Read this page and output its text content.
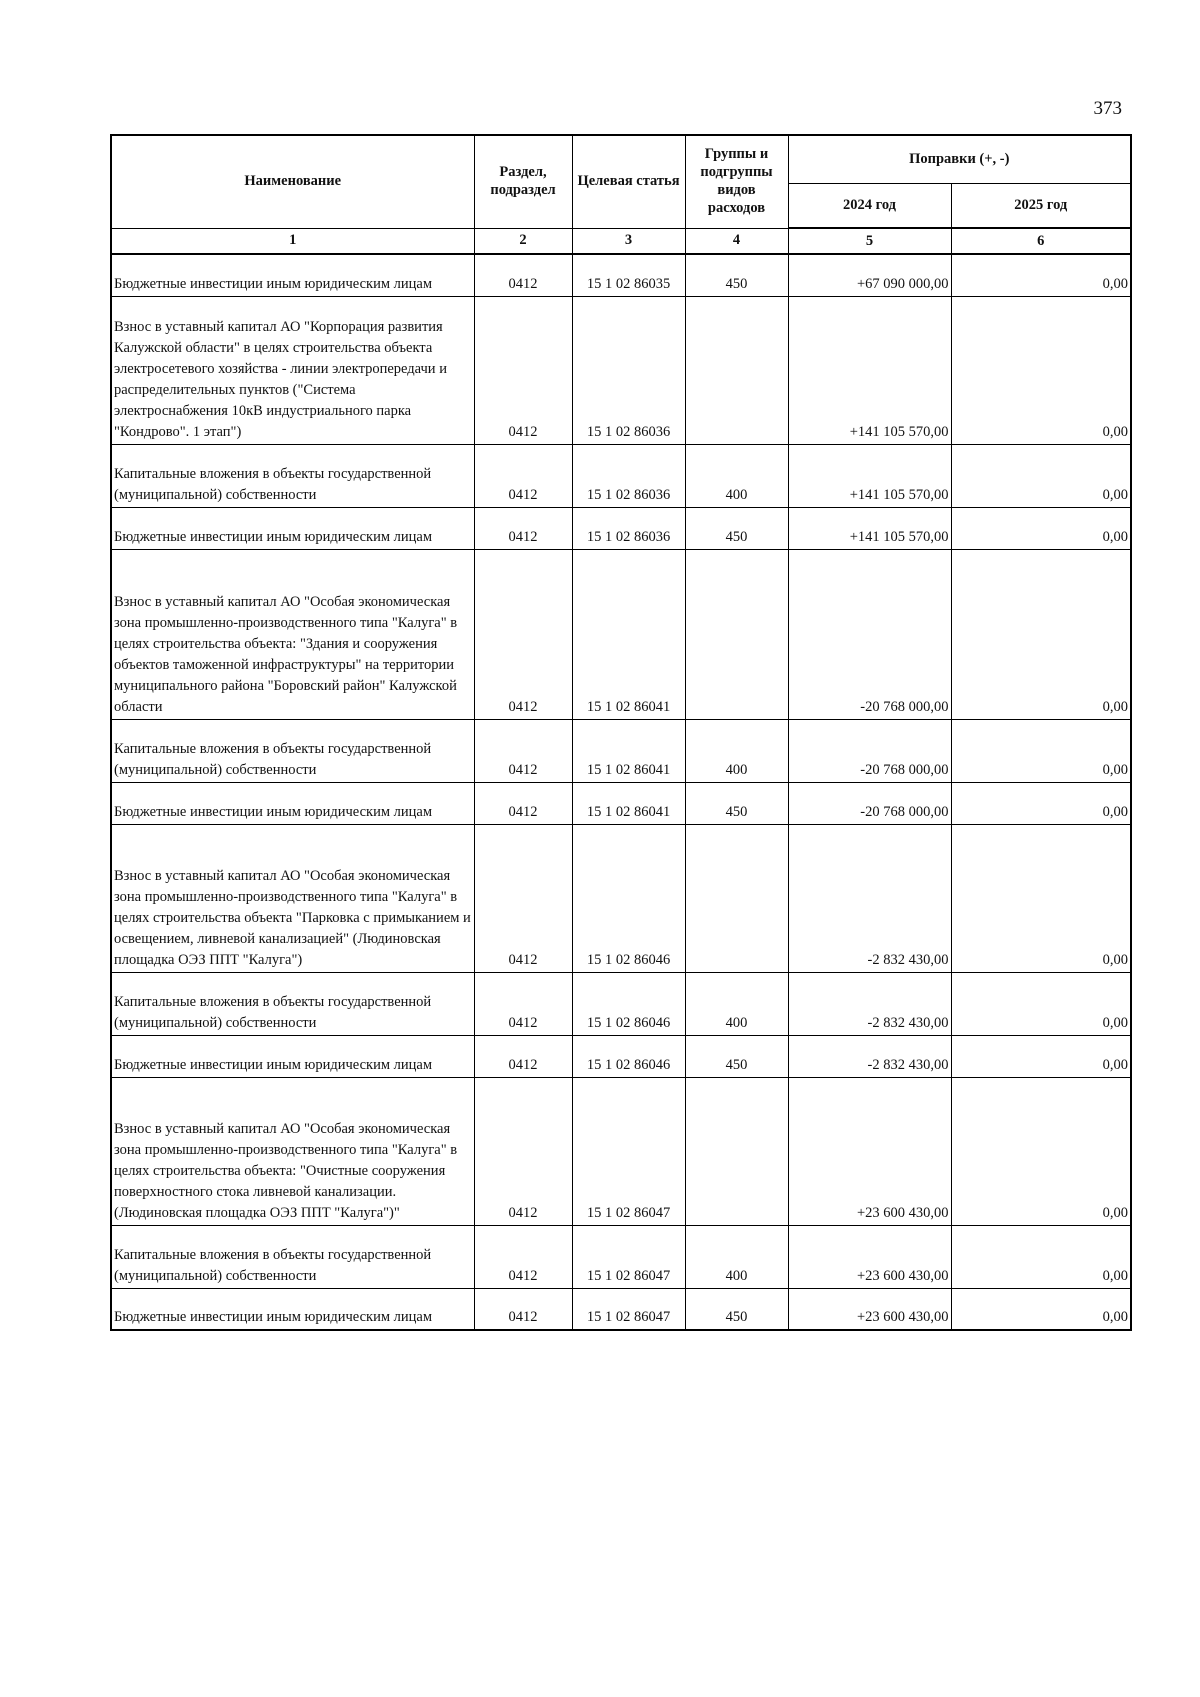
373
Наименование	Раздел, подраздел	Целевая статья	Группы и подгруппы видов расходов	Поправки (+, -)	
				2024 год	2025 год
1	2	3	4	5	6
Бюджетные инвестиции иным юридическим лицам	0412	15 1 02 86035	450	+67 090 000,00	0,00
Взнос в уставный капитал АО "Корпорация развития Калужской области" в целях строительства объекта электросетевого хозяйства - линии электропередачи и распределительных пунктов ("Система электроснабжения 10кВ индустриального парка "Кондрово". 1 этап")	0412	15 1 02 86036		+141 105 570,00	0,00
Капитальные вложения в объекты государственной (муниципальной) собственности	0412	15 1 02 86036	400	+141 105 570,00	0,00
Бюджетные инвестиции иным юридическим лицам	0412	15 1 02 86036	450	+141 105 570,00	0,00
Взнос в уставный капитал АО "Особая экономическая зона промышленно-производственного типа "Калуга" в целях строительства объекта: "Здания и сооружения объектов таможенной инфраструктуры" на территории муниципального района "Боровский район" Калужской области	0412	15 1 02 86041		-20 768 000,00	0,00
Капитальные вложения в объекты государственной (муниципальной) собственности	0412	15 1 02 86041	400	-20 768 000,00	0,00
Бюджетные инвестиции иным юридическим лицам	0412	15 1 02 86041	450	-20 768 000,00	0,00
Взнос в уставный капитал АО "Особая экономическая зона промышленно-производственного типа "Калуга" в целях строительства объекта "Парковка с примыканием и освещением, ливневой канализацией" (Людиновская площадка ОЭЗ ППТ "Калуга")	0412	15 1 02 86046		-2 832 430,00	0,00
Капитальные вложения в объекты государственной (муниципальной) собственности	0412	15 1 02 86046	400	-2 832 430,00	0,00
Бюджетные инвестиции иным юридическим лицам	0412	15 1 02 86046	450	-2 832 430,00	0,00
Взнос в уставный капитал АО "Особая экономическая зона промышленно-производственного типа "Калуга" в целях строительства объекта: "Очистные сооружения поверхностного стока ливневой канализации. (Людиновская площадка ОЭЗ ППТ "Калуга")"	0412	15 1 02 86047		+23 600 430,00	0,00
Капитальные вложения в объекты государственной (муниципальной) собственности	0412	15 1 02 86047	400	+23 600 430,00	0,00
Бюджетные инвестиции иным юридическим лицам	0412	15 1 02 86047	450	+23 600 430,00	0,00
